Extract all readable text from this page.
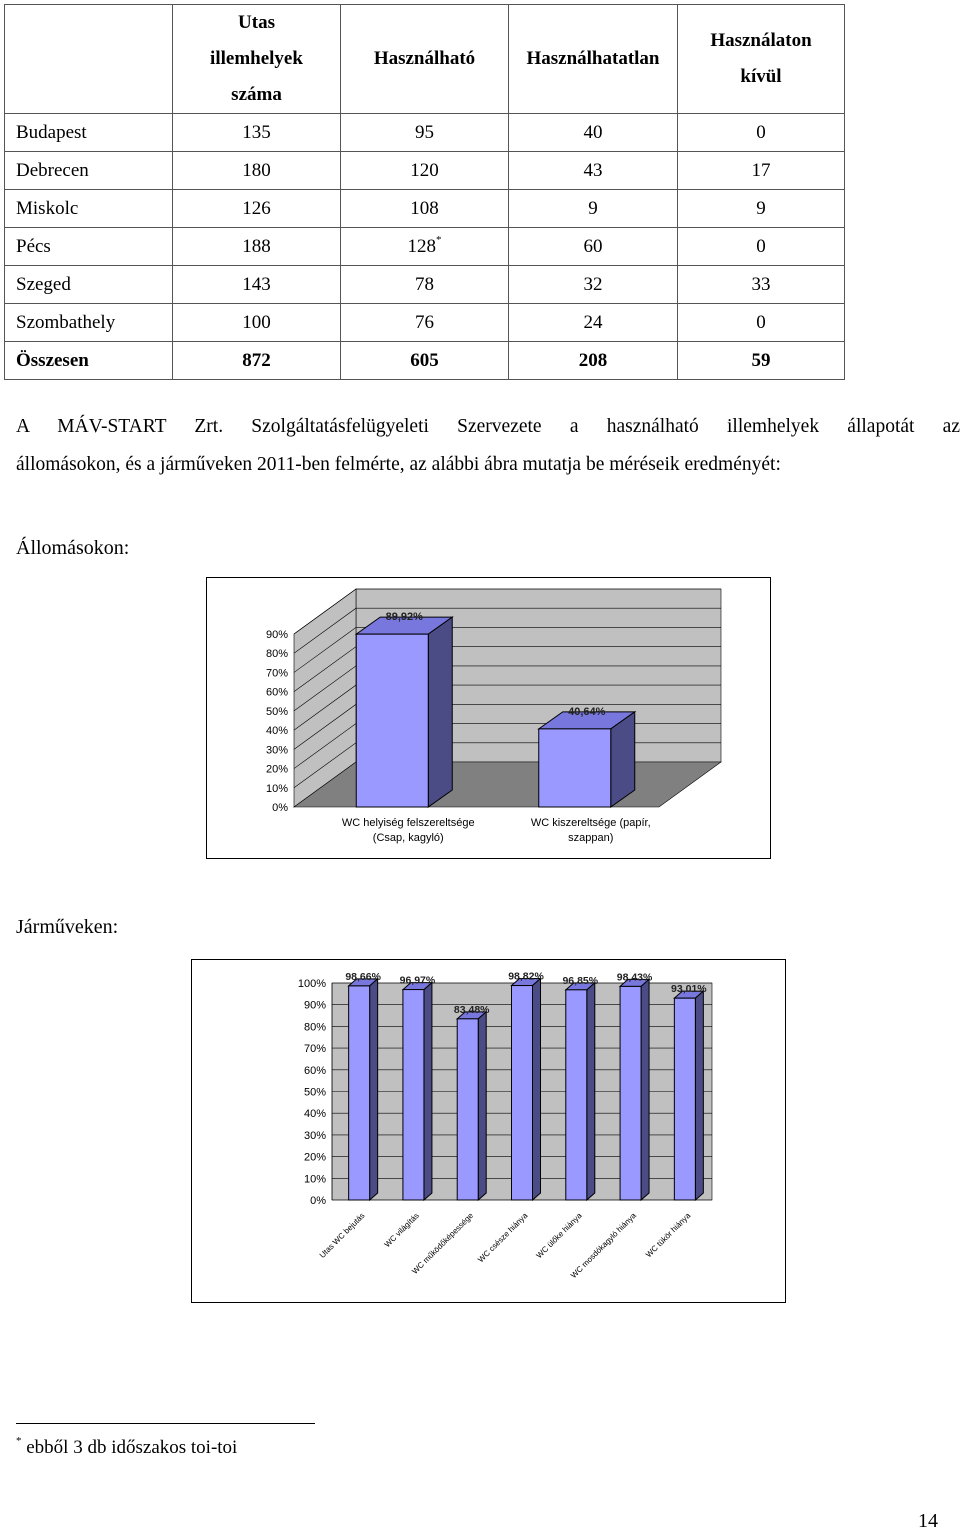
	Utas
illemhelyek
száma	Használható	Használhatatlan	Használaton
kívül
Budapest	135	95	40	0
Debrecen	180	120	43	17
Miskolc	126	108	9	9
Pécs	188	128*	60	0
Szeged	143	78	32	33
Szombathely	100	76	24	0
Összesen	872	605	208	59
A MÁV-START Zrt. Szolgáltatásfelügyeleti Szervezete a használható illemhelyek állapotát az
állomásokon, és a járműveken 2011-ben felmérte, az alábbi ábra mutatja be méréseik eredményét:
Állomásokon:
0%
10%
20%
30%
40%
50%
60%
70%
80%
90%
89,92%
WC helyiség felszereltsége
(Csap, kagyló)
40,64%
WC kiszereltsége (papír,
szappan)
Járműveken:
0%
10%
20%
30%
40%
50%
60%
70%
80%
90%
100%
98,66%
Utas WC bejutás
96,97%
WC világítás
83,48%
WC működőképessége
98,82%
WC csésze hiánya
96,85%
WC ülőke hiánya
98,43%
WC mosdókagyló hiánya
93,01%
WC tükör hiánya
* ebből 3 db időszakos toi-toi
14
